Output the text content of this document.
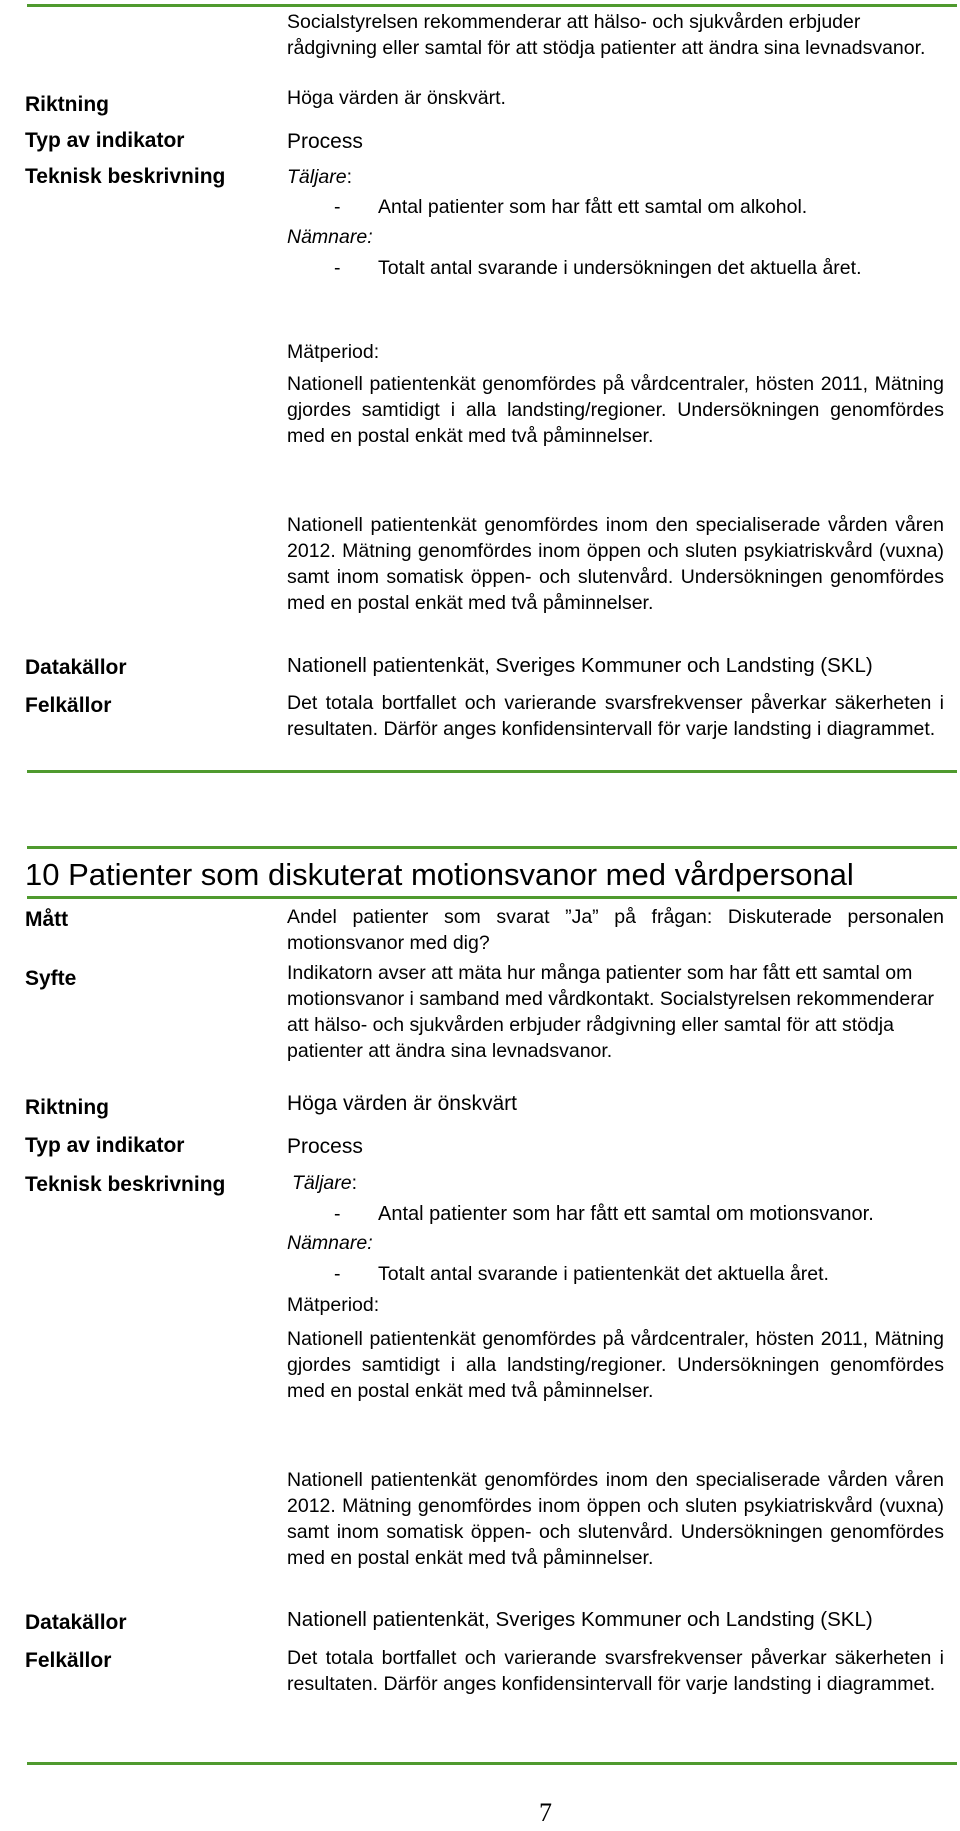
Socialstyrelsen rekommenderar att hälso- och sjukvården erbjuder rådgivning eller samtal för att stödja patienter att ändra sina levnadsvanor.
Riktning	Höga värden är önskvärt.
Typ av indikator	Process
Teknisk beskrivning	Täljare:
- Antal patienter som har fått ett samtal om alkohol.
Nämnare:
- Totalt antal svarande i undersökningen det aktuella året.
Mätperiod:
Nationell patientenkät genomfördes på vårdcentraler, hösten 2011, Mätning gjordes samtidigt i alla landsting/regioner. Undersökningen genomfördes med en postal enkät med två påminnelser.
Nationell patientenkät genomfördes inom den specialiserade vården våren 2012. Mätning genomfördes inom öppen och sluten psykiatriskvård (vuxna) samt inom somatisk öppen- och slutenvård. Undersökningen genomfördes med en postal enkät med två påminnelser.
Datakällor	Nationell patientenkät, Sveriges Kommuner och Landsting (SKL)
Felkällor	Det totala bortfallet och varierande svarsfrekvenser påverkar säkerheten i resultaten. Därför anges konfidensintervall för varje landsting i diagrammet.
10 Patienter som diskuterat motionsvanor med vårdpersonal
Mått	Andel patienter som svarat ”Ja” på frågan: Diskuterade personalen motionsvanor med dig?
Syfte	Indikatorn avser att mäta hur många patienter som har fått ett samtal om motionsvanor i samband med vårdkontakt. Socialstyrelsen rekommenderar att hälso- och sjukvården erbjuder rådgivning eller samtal för att stödja patienter att ändra sina levnadsvanor.
Riktning	Höga värden är önskvärt
Typ av indikator	Process
Teknisk beskrivning	Täljare:
- Antal patienter som har fått ett samtal om motionsvanor.
Nämnare:
- Totalt antal svarande i patientenkät det aktuella året.
Mätperiod:
Nationell patientenkät genomfördes på vårdcentraler, hösten 2011, Mätning gjordes samtidigt i alla landsting/regioner. Undersökningen genomfördes med en postal enkät med två påminnelser.
Nationell patientenkät genomfördes inom den specialiserade vården våren 2012. Mätning genomfördes inom öppen och sluten psykiatriskvård (vuxna) samt inom somatisk öppen- och slutenvård. Undersökningen genomfördes med en postal enkät med två påminnelser.
Datakällor	Nationell patientenkät, Sveriges Kommuner och Landsting (SKL)
Felkällor	Det totala bortfallet och varierande svarsfrekvenser påverkar säkerheten i resultaten. Därför anges konfidensintervall för varje landsting i diagrammet.
7
